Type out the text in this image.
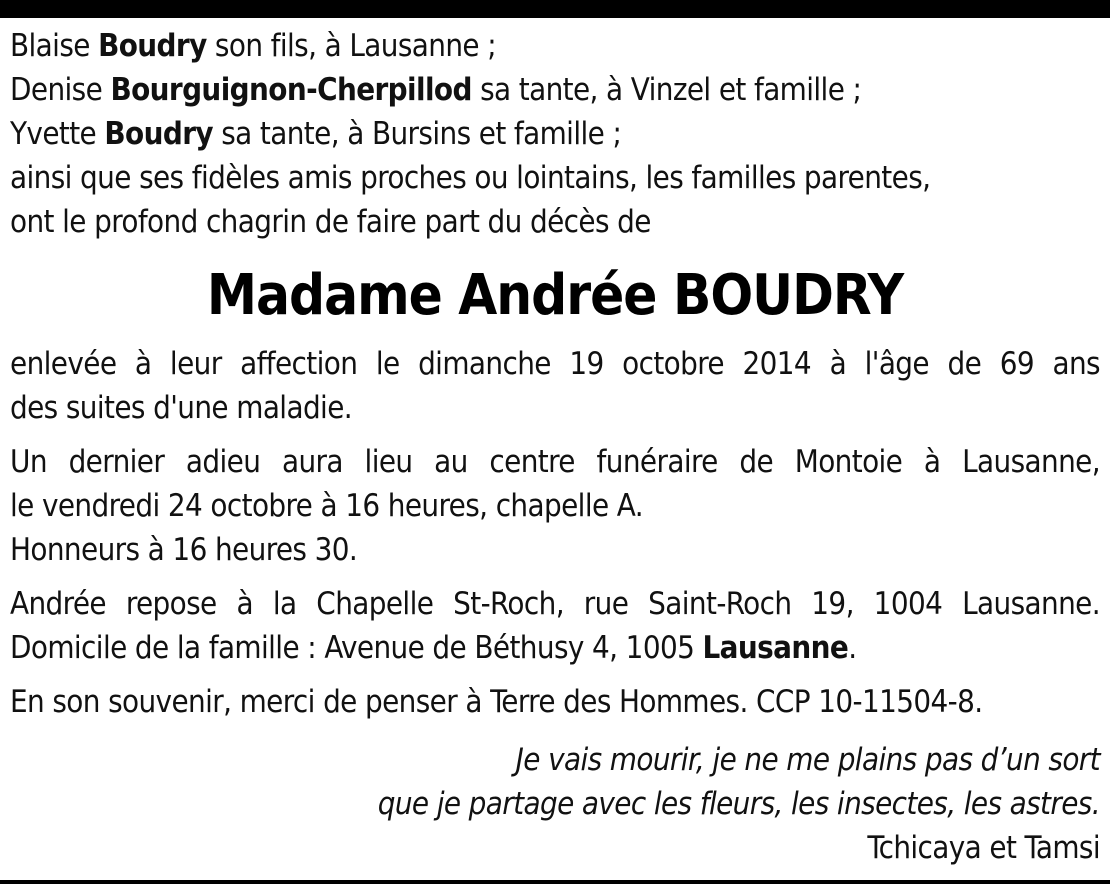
Blaise Boudry son fils, à Lausanne ;
Denise Bourguignon-Cherpillod sa tante, à Vinzel et famille ;
Yvette Boudry sa tante, à Bursins et famille ;
ainsi que ses fidèles amis proches ou lointains, les familles parentes,
ont le profond chagrin de faire part du décès de
Madame Andrée BOUDRY
enlevée à leur affection le dimanche 19 octobre 2014 à l'âge de 69 ans
des suites d'une maladie.
Un dernier adieu aura lieu au centre funéraire de Montoie à Lausanne,
le vendredi 24 octobre à 16 heures, chapelle A.
Honneurs à 16 heures 30.
Andrée repose à la Chapelle St-Roch, rue Saint-Roch 19, 1004 Lausanne.
Domicile de la famille : Avenue de Béthusy 4, 1005 Lausanne.
En son souvenir, merci de penser à Terre des Hommes. CCP 10-11504-8.
Je vais mourir, je ne me plains pas d’un sort
que je partage avec les fleurs, les insectes, les astres.
Tchicaya et Tamsi
